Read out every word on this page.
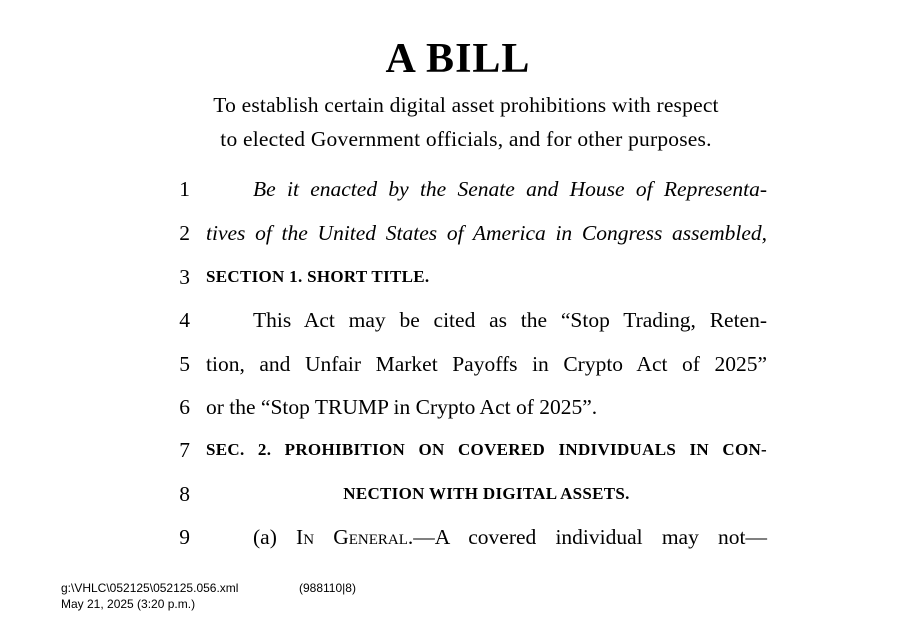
A BILL
To establish certain digital asset prohibitions with respect
to elected Government officials, and for other purposes.
1	Be it enacted by the Senate and House of Representa-
2 tives of the United States of America in Congress assembled,
3 SECTION 1. SHORT TITLE.
4	This Act may be cited as the “Stop Trading, Reten-
5 tion, and Unfair Market Payoffs in Crypto Act of 2025”
6 or the “Stop TRUMP in Crypto Act of 2025”.
7 SEC. 2. PROHIBITION ON COVERED INDIVIDUALS IN CON-
8	NECTION WITH DIGITAL ASSETS.
9	(a) In General.—A covered individual may not—
g:\VHLC\052125\052125.056.xml	(988110|8)
May 21, 2025 (3:20 p.m.)
